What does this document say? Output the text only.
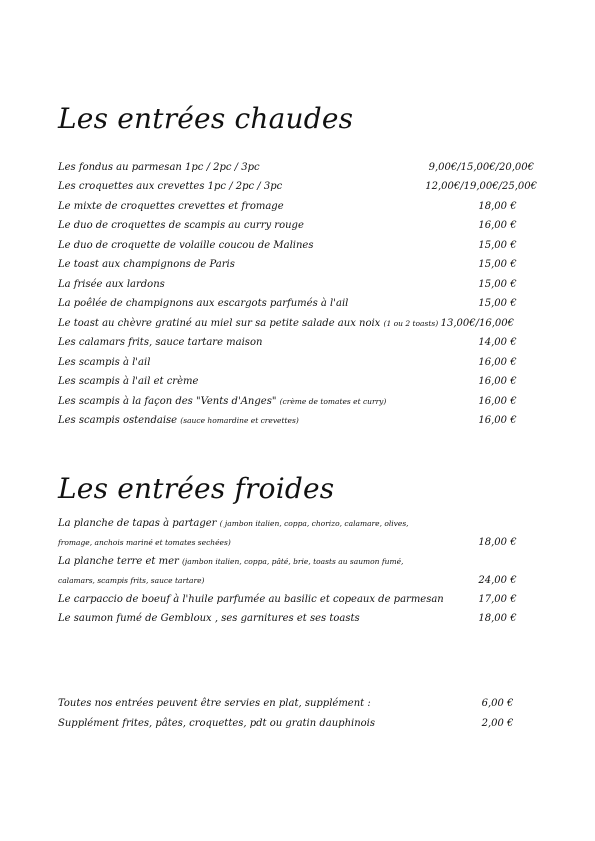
Les entrées chaudes
Les fondus au parmesan 1pc / 2pc / 3pc	9,00€/15,00€/20,00€
Les croquettes aux crevettes 1pc / 2pc / 3pc	12,00€/19,00€/25,00€
Le mixte de croquettes crevettes et fromage	18,00 €
Le duo de croquettes de scampis au curry rouge	16,00 €
Le duo de croquette de volaille coucou de Malines	15,00 €
Le toast aux champignons de Paris	15,00 €
La frisée aux lardons	15,00 €
La poêlée de champignons aux escargots parfumés à l'ail	15,00 €
Le toast au chèvre gratiné au miel sur sa petite salade aux noix (1 ou 2 toasts) 13,00€/16,00€
Les calamars frits, sauce tartare maison	14,00 €
Les scampis à l'ail	16,00 €
Les scampis à l'ail et crème	16,00 €
Les scampis à la façon des "Vents d'Anges" (crème de tomates et curry)	16,00 €
Les scampis ostendaise (sauce homardine et crevettes)	16,00 €
Les entrées froides
La planche de tapas à partager ( jambon italien, coppa, chorizo, calamare, olives,
fromage, anchois mariné et tomates sechées)	18,00 €
La planche terre et mer (jambon italien, coppa, pâté, brie, toasts au saumon fumé,
calamars, scampis frits, sauce tartare)	24,00 €
Le carpaccio de boeuf à l'huile parfumée au basilic et copeaux de parmesan	17,00 €
Le saumon fumé de Gembloux , ses garnitures et ses toasts	18,00 €
Toutes nos entrées peuvent être servies en plat, supplément :	6,00 €
Supplément frites, pâtes, croquettes, pdt ou gratin dauphinois	2,00 €
